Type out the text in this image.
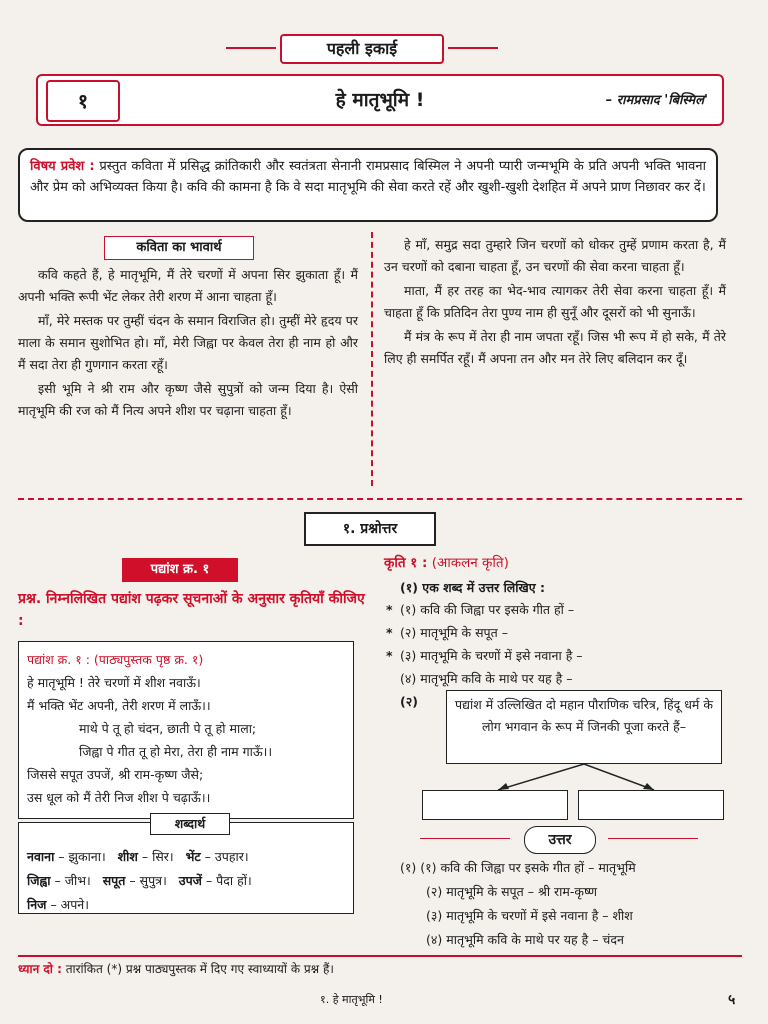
पहली इकाई
१	हे मातृभूमि !	– रामप्रसाद 'बिस्मिल'
विषय प्रवेश : प्रस्तुत कविता में प्रसिद्ध क्रांतिकारी और स्वतंत्रता सेनानी रामप्रसाद बिस्मिल ने अपनी प्यारी जन्मभूमि के प्रति अपनी भक्ति भावना और प्रेम को अभिव्यक्त किया है। कवि की कामना है कि वे सदा मातृभूमि की सेवा करते रहें और खुशी-खुशी देशहित में अपने प्राण निछावर कर दें।
कविता का भावार्थ

कवि कहते हैं, हे मातृभूमि, मैं तेरे चरणों में अपना सिर झुकाता हूँ। मैं अपनी भक्ति रूपी भेंट लेकर तेरी शरण में आना चाहता हूँ।

माँ, मेरे मस्तक पर तुम्हीं चंदन के समान विराजित हो। तुम्हीं मेरे हृदय पर माला के समान सुशोभित हो। माँ, मेरी जिह्वा पर केवल तेरा ही नाम हो और मैं सदा तेरा ही गुणगान करता रहूँ।

इसी भूमि ने श्री राम और कृष्ण जैसे सुपुत्रों को जन्म दिया है। ऐसी मातृभूमि की रज को मैं नित्य अपने शीश पर चढ़ाना चाहता हूँ।

हे माँ, समुद्र सदा तुम्हारे जिन चरणों को धोकर तुम्हें प्रणाम करता है, मैं उन चरणों को दबाना चाहता हूँ, उन चरणों की सेवा करना चाहता हूँ।

माता, मैं हर तरह का भेद-भाव त्यागकर तेरी सेवा करना चाहता हूँ। मैं चाहता हूँ कि प्रतिदिन तेरा पुण्य नाम ही सुनूँ और दूसरों को भी सुनाऊँ।

मैं मंत्र के रूप में तेरा ही नाम जपता रहूँ। जिस भी रूप में हो सके, मैं तेरे लिए ही समर्पित रहूँ। मैं अपना तन और मन तेरे लिए बलिदान कर दूँ।

१. प्रश्नोत्तर
पद्यांश क्र. १
प्रश्न. निम्नलिखित पद्यांश पढ़कर सूचनाओं के अनुसार कृतियाँ कीजिए :
पद्यांश क्र. १ : (पाठ्यपुस्तक पृष्ठ क्र. १)
हे मातृभूमि ! तेरे चरणों में शीश नवाऊँ।
मैं भक्ति भेंट अपनी, तेरी शरण में लाऊँ।।
माथे पे तू हो चंदन, छाती पे तू हो माला;
जिह्वा पे गीत तू हो मेरा, तेरा ही नाम गाऊँ।।
जिससे सपूत उपजें, श्री राम-कृष्ण जैसे;
उस धूल को मैं तेरी निज शीश पे चढ़ाऊँ।।
नवाना – झुकाना। शीश – सिर। भेंट – उपहार।
जिह्वा – जीभ। सपूत – सुपुत्र। उपजें – पैदा हों।
निज – अपने।
शब्दार्थ
कृति १ : (आकलन कृति)
(१) एक शब्द में उत्तर लिखिए :
* (१) कवि की जिह्वा पर इसके गीत हों –
* (२) मातृभूमि के सपूत –
* (३) मातृभूमि के चरणों में इसे नवाना है –
(४) मातृभूमि कवि के माथे पर यह है –
(२)	पद्यांश में उल्लिखित दो महान पौराणिक चरित्र, हिंदू धर्म के लोग भगवान के रूप में जिनकी पूजा करते हैं–
उत्तर
(१) (१) कवि की जिह्वा पर इसके गीत हों – मातृभूमि
(२) मातृभूमि के सपूत – श्री राम-कृष्ण
(३) मातृभूमि के चरणों में इसे नवाना है – शीश
(४) मातृभूमि कवि के माथे पर यह है – चंदन
ध्यान दो : तारांकित (*) प्रश्न पाठ्यपुस्तक में दिए गए स्वाध्यायों के प्रश्न हैं।
१. हे मातृभूमि !	५
